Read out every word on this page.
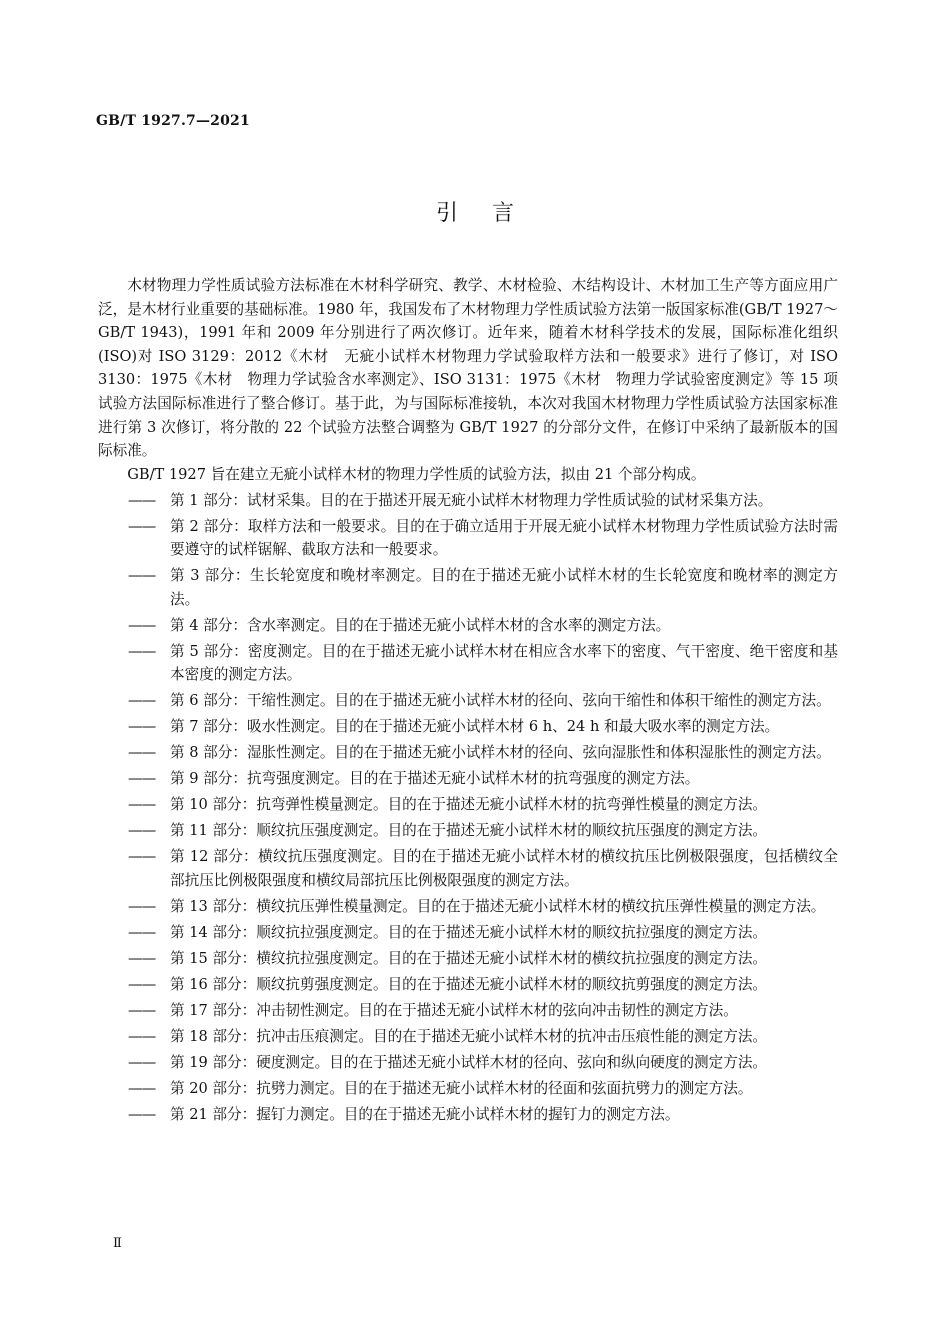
GB/T 1927.7—2021
引言

木材物理力学性质试验方法标准在木材科学研究、教学、木材检验、木结构设计、木材加工生产等方面应用广泛，是木材行业重要的基础标准。1980 年，我国发布了木材物理力学性质试验方法第一版国家标准(GB/T 1927～GB/T 1943)，1991 年和 2009 年分别进行了两次修订。近年来，随着木材科学技术的发展，国际标准化组织(ISO)对 ISO 3129：2012《木材　无疵小试样木材物理力学试验取样方法和一般要求》进行了修订，对 ISO 3130：1975《木材　物理力学试验含水率测定》、ISO 3131：1975《木材　物理力学试验密度测定》等 15 项试验方法国际标准进行了整合修订。基于此，为与国际标准接轨，本次对我国木材物理力学性质试验方法国家标准进行第 3 次修订，将分散的 22 个试验方法整合调整为 GB/T 1927 的分部分文件，在修订中采纳了最新版本的国际标准。

GB/T 1927 旨在建立无疵小试样木材的物理力学性质的试验方法，拟由 21 个部分构成。

——	第 1 部分：试材采集。目的在于描述开展无疵小试样木材物理力学性质试验的试材采集方法。
——	第 2 部分：取样方法和一般要求。目的在于确立适用于开展无疵小试样木材物理力学性质试验方法时需要遵守的试样锯解、截取方法和一般要求。
——	第 3 部分：生长轮宽度和晚材率测定。目的在于描述无疵小试样木材的生长轮宽度和晚材率的测定方法。
——	第 4 部分：含水率测定。目的在于描述无疵小试样木材的含水率的测定方法。
——	第 5 部分：密度测定。目的在于描述无疵小试样木材在相应含水率下的密度、气干密度、绝干密度和基本密度的测定方法。
——	第 6 部分：干缩性测定。目的在于描述无疵小试样木材的径向、弦向干缩性和体积干缩性的测定方法。
——	第 7 部分：吸水性测定。目的在于描述无疵小试样木材 6 h、24 h 和最大吸水率的测定方法。
——	第 8 部分：湿胀性测定。目的在于描述无疵小试样木材的径向、弦向湿胀性和体积湿胀性的测定方法。
——	第 9 部分：抗弯强度测定。目的在于描述无疵小试样木材的抗弯强度的测定方法。
——	第 10 部分：抗弯弹性模量测定。目的在于描述无疵小试样木材的抗弯弹性模量的测定方法。
——	第 11 部分：顺纹抗压强度测定。目的在于描述无疵小试样木材的顺纹抗压强度的测定方法。
——	第 12 部分：横纹抗压强度测定。目的在于描述无疵小试样木材的横纹抗压比例极限强度，包括横纹全部抗压比例极限强度和横纹局部抗压比例极限强度的测定方法。
——	第 13 部分：横纹抗压弹性模量测定。目的在于描述无疵小试样木材的横纹抗压弹性模量的测定方法。
——	第 14 部分：顺纹抗拉强度测定。目的在于描述无疵小试样木材的顺纹抗拉强度的测定方法。
——	第 15 部分：横纹抗拉强度测定。目的在于描述无疵小试样木材的横纹抗拉强度的测定方法。
——	第 16 部分：顺纹抗剪强度测定。目的在于描述无疵小试样木材的顺纹抗剪强度的测定方法。
——	第 17 部分：冲击韧性测定。目的在于描述无疵小试样木材的弦向冲击韧性的测定方法。
——	第 18 部分：抗冲击压痕测定。目的在于描述无疵小试样木材的抗冲击压痕性能的测定方法。
——	第 19 部分：硬度测定。目的在于描述无疵小试样木材的径向、弦向和纵向硬度的测定方法。
——	第 20 部分：抗劈力测定。目的在于描述无疵小试样木材的径面和弦面抗劈力的测定方法。
——	第 21 部分：握钉力测定。目的在于描述无疵小试样木材的握钉力的测定方法。
Ⅱ
